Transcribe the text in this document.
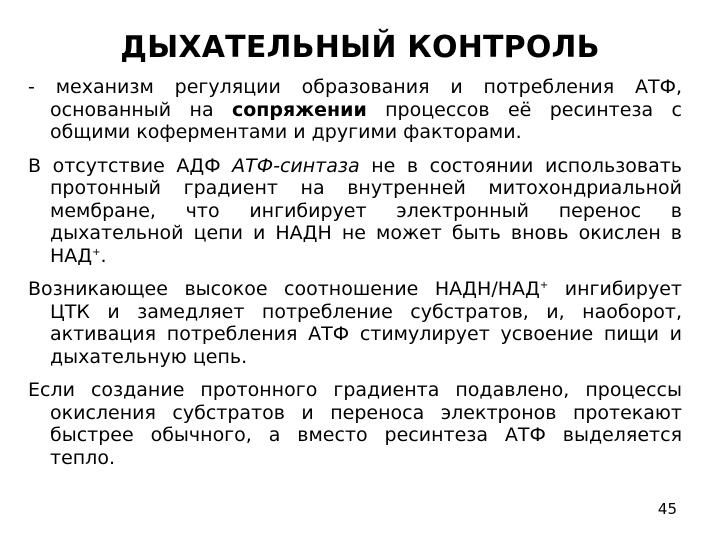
ДЫХАТЕЛЬНЫЙ КОНТРОЛЬ

- механизм регуляции образования и потребления АТФ, основанный на сопряжении процессов её ресинтеза с общими коферментами и другими факторами.

В отсутствие АДФ АТФ-синтаза не в состоянии использовать протонный градиент на внутренней митохондриальной мембране, что ингибирует электронный перенос в дыхательной цепи и НАДН не может быть вновь окислен в НАД+.

Возникающее высокое соотношение НАДН/НАД+ ингибирует ЦТК и замедляет потребление субстратов, и, наоборот, активация потребления АТФ стимулирует усвоение пищи и дыхательную цепь.

Если создание протонного градиента подавлено, процессы окисления субстратов и переноса электронов протекают быстрее обычного, а вместо ресинтеза АТФ выделяется тепло.

45
